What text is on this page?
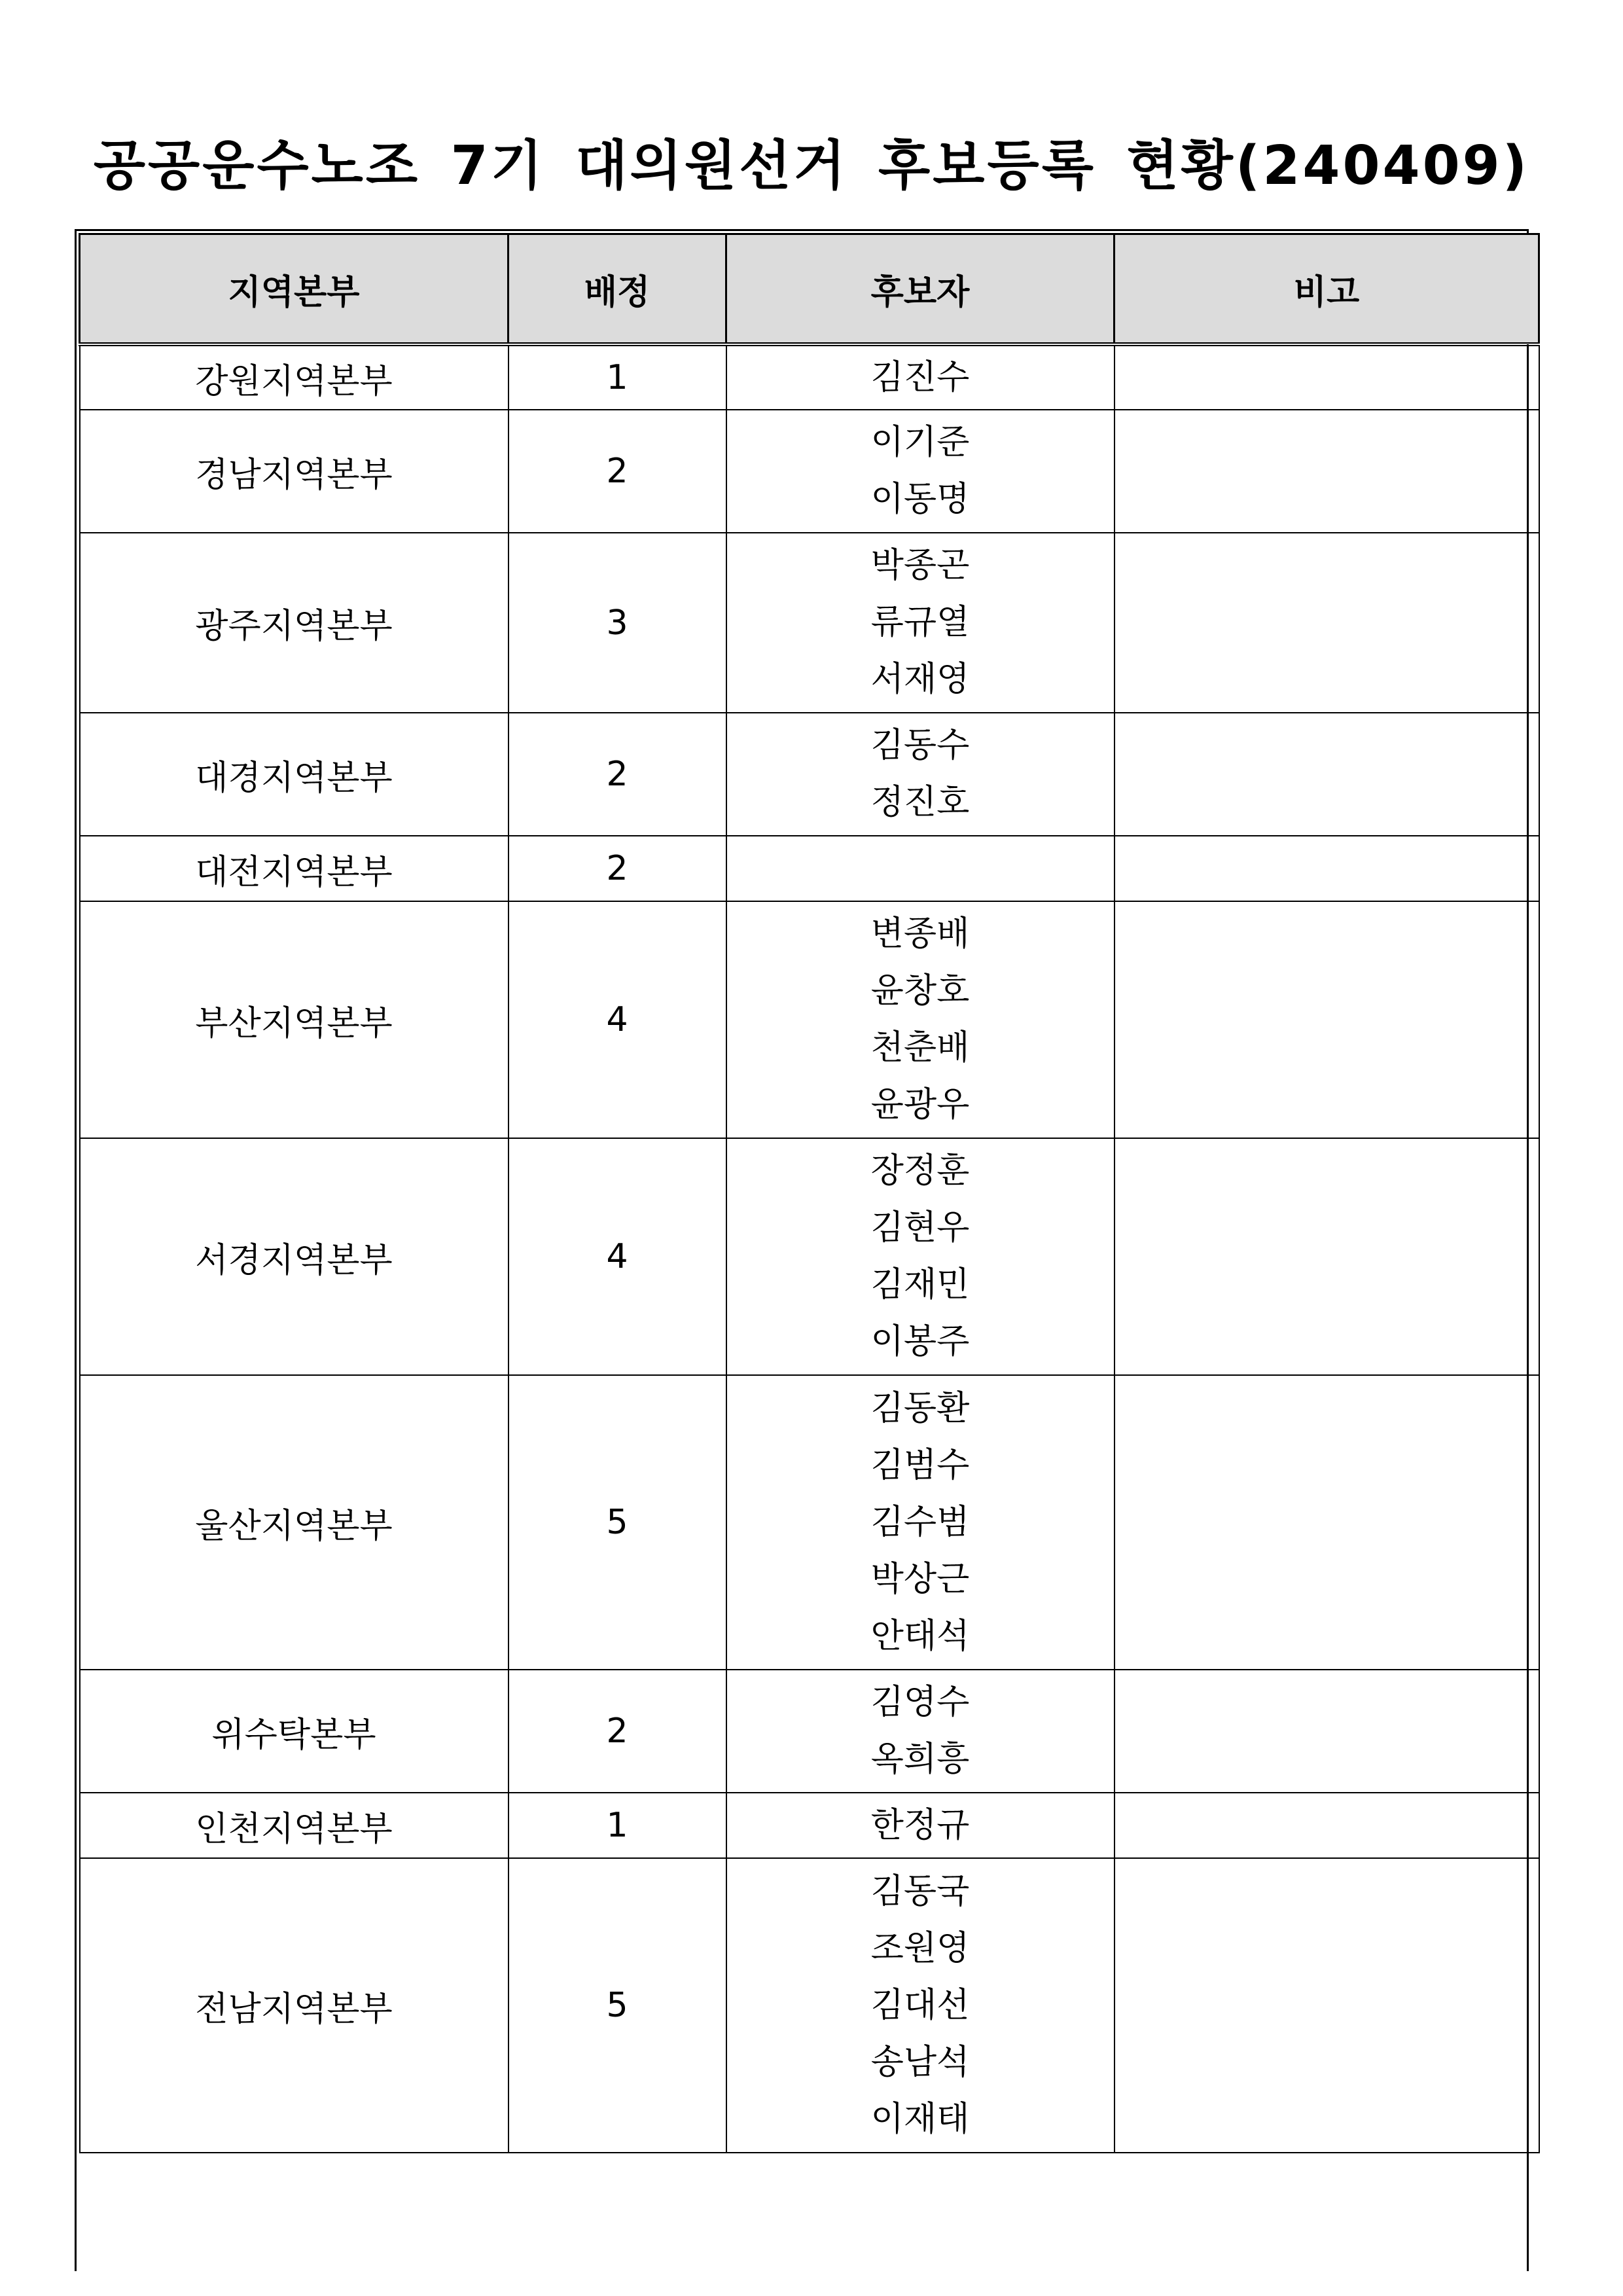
공공운수노조 7기 대의원선거 후보등록 현황(240409)
지역본부	배정	후보자	비고
강원지역본부	1	김진수	

경남지역본부	2	이기준
이동명	

광주지역본부	3	박종곤
류규열
서재영	

대경지역본부	2	김동수
정진호	

대전지역본부	2		
부산지역본부	4	변종배
윤창호
천춘배
윤광우	

서경지역본부	4	장정훈
김현우
김재민
이봉주	

울산지역본부	5	김동환
김범수
김수범
박상근
안태석	

위수탁본부	2	김영수
옥희흥	

인천지역본부	1	한정규	

전남지역본부	5	김동국
조원영
김대선
송남석
이재태	
